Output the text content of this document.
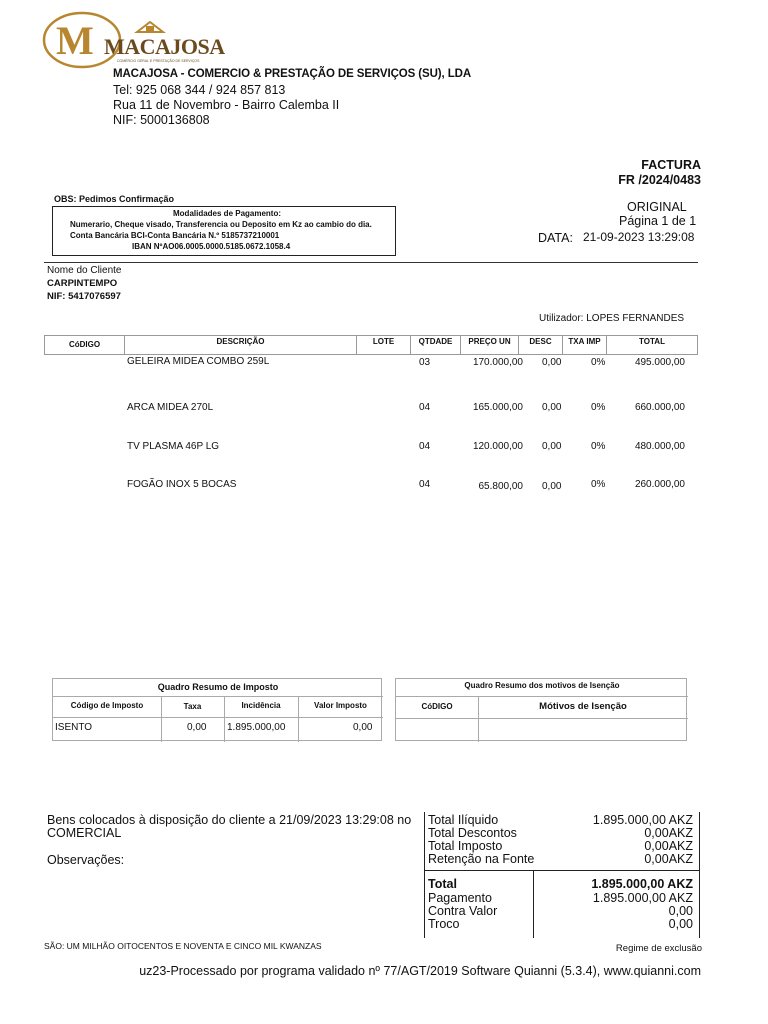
M MACAJOSA
COMÉRCIO GERAL E PRESTAÇÃO DE SERVIÇOS
MACAJOSA - COMERCIO & PRESTAÇÃO DE SERVIÇOS (SU), LDA
Tel: 925 068 344 / 924 857 813
Rua 11 de Novembro - Bairro Calemba II
NIF: 5000136808
FACTURA
FR /2024/0483
OBS: Pedimos Confirmação
Modalidades de Pagamento:
Numerario, Cheque visado, Transferencia ou Deposito em Kz ao cambio do dia.
Conta Bancária BCI-Conta Bancária N.º 5185737210001
IBAN NºAO06.0005.0000.5185.0672.1058.4
ORIGINAL
Página 1 de 1
DATA: 21-09-2023 13:29:08
Nome do Cliente
CARPINTEMPO
NIF: 5417076597
Utilizador: LOPES FERNANDES
CóDIGO	DESCRIÇÃO	LOTE	QTDADE	PREÇO UN	DESC	TXA IMP	TOTAL
GELEIRA MIDEA COMBO 259L	03	170.000,00 0,00	0%	495.000,00
ARCA MIDEA 270L	04	165.000,00 0,00	0%	660.000,00
TV PLASMA 46P LG	04	120.000,00 0,00	0%	480.000,00
FOGÃO INOX 5 BOCAS	04	65.800,00 0,00	0%	260.000,00
Quadro Resumo de Imposto
Código de Imposto	Taxa	Incidência	Valor Imposto
ISENTO	0,00 1.895.000,00	0,00
Quadro Resumo dos motivos de Isenção
CóDIGO	Mótivos de Isenção
Bens colocados à disposição do cliente a 21/09/2023 13:29:08 no
COMERCIAL
Observações:
Total Ilíquido	1.895.000,00 AKZ
Total Descontos	0,00AKZ
Total Imposto	0,00AKZ
Retenção na Fonte	0,00AKZ
Total	1.895.000,00 AKZ
Pagamento	1.895.000,00 AKZ
Contra Valor	0,00
Troco	0,00
SÃO: UM MILHÃO OITOCENTOS E NOVENTA E CINCO MIL KWANZAS	Regime de exclusão
uz23-Processado por programa validado nº 77/AGT/2019 Software Quianni (5.3.4), www.quianni.com
